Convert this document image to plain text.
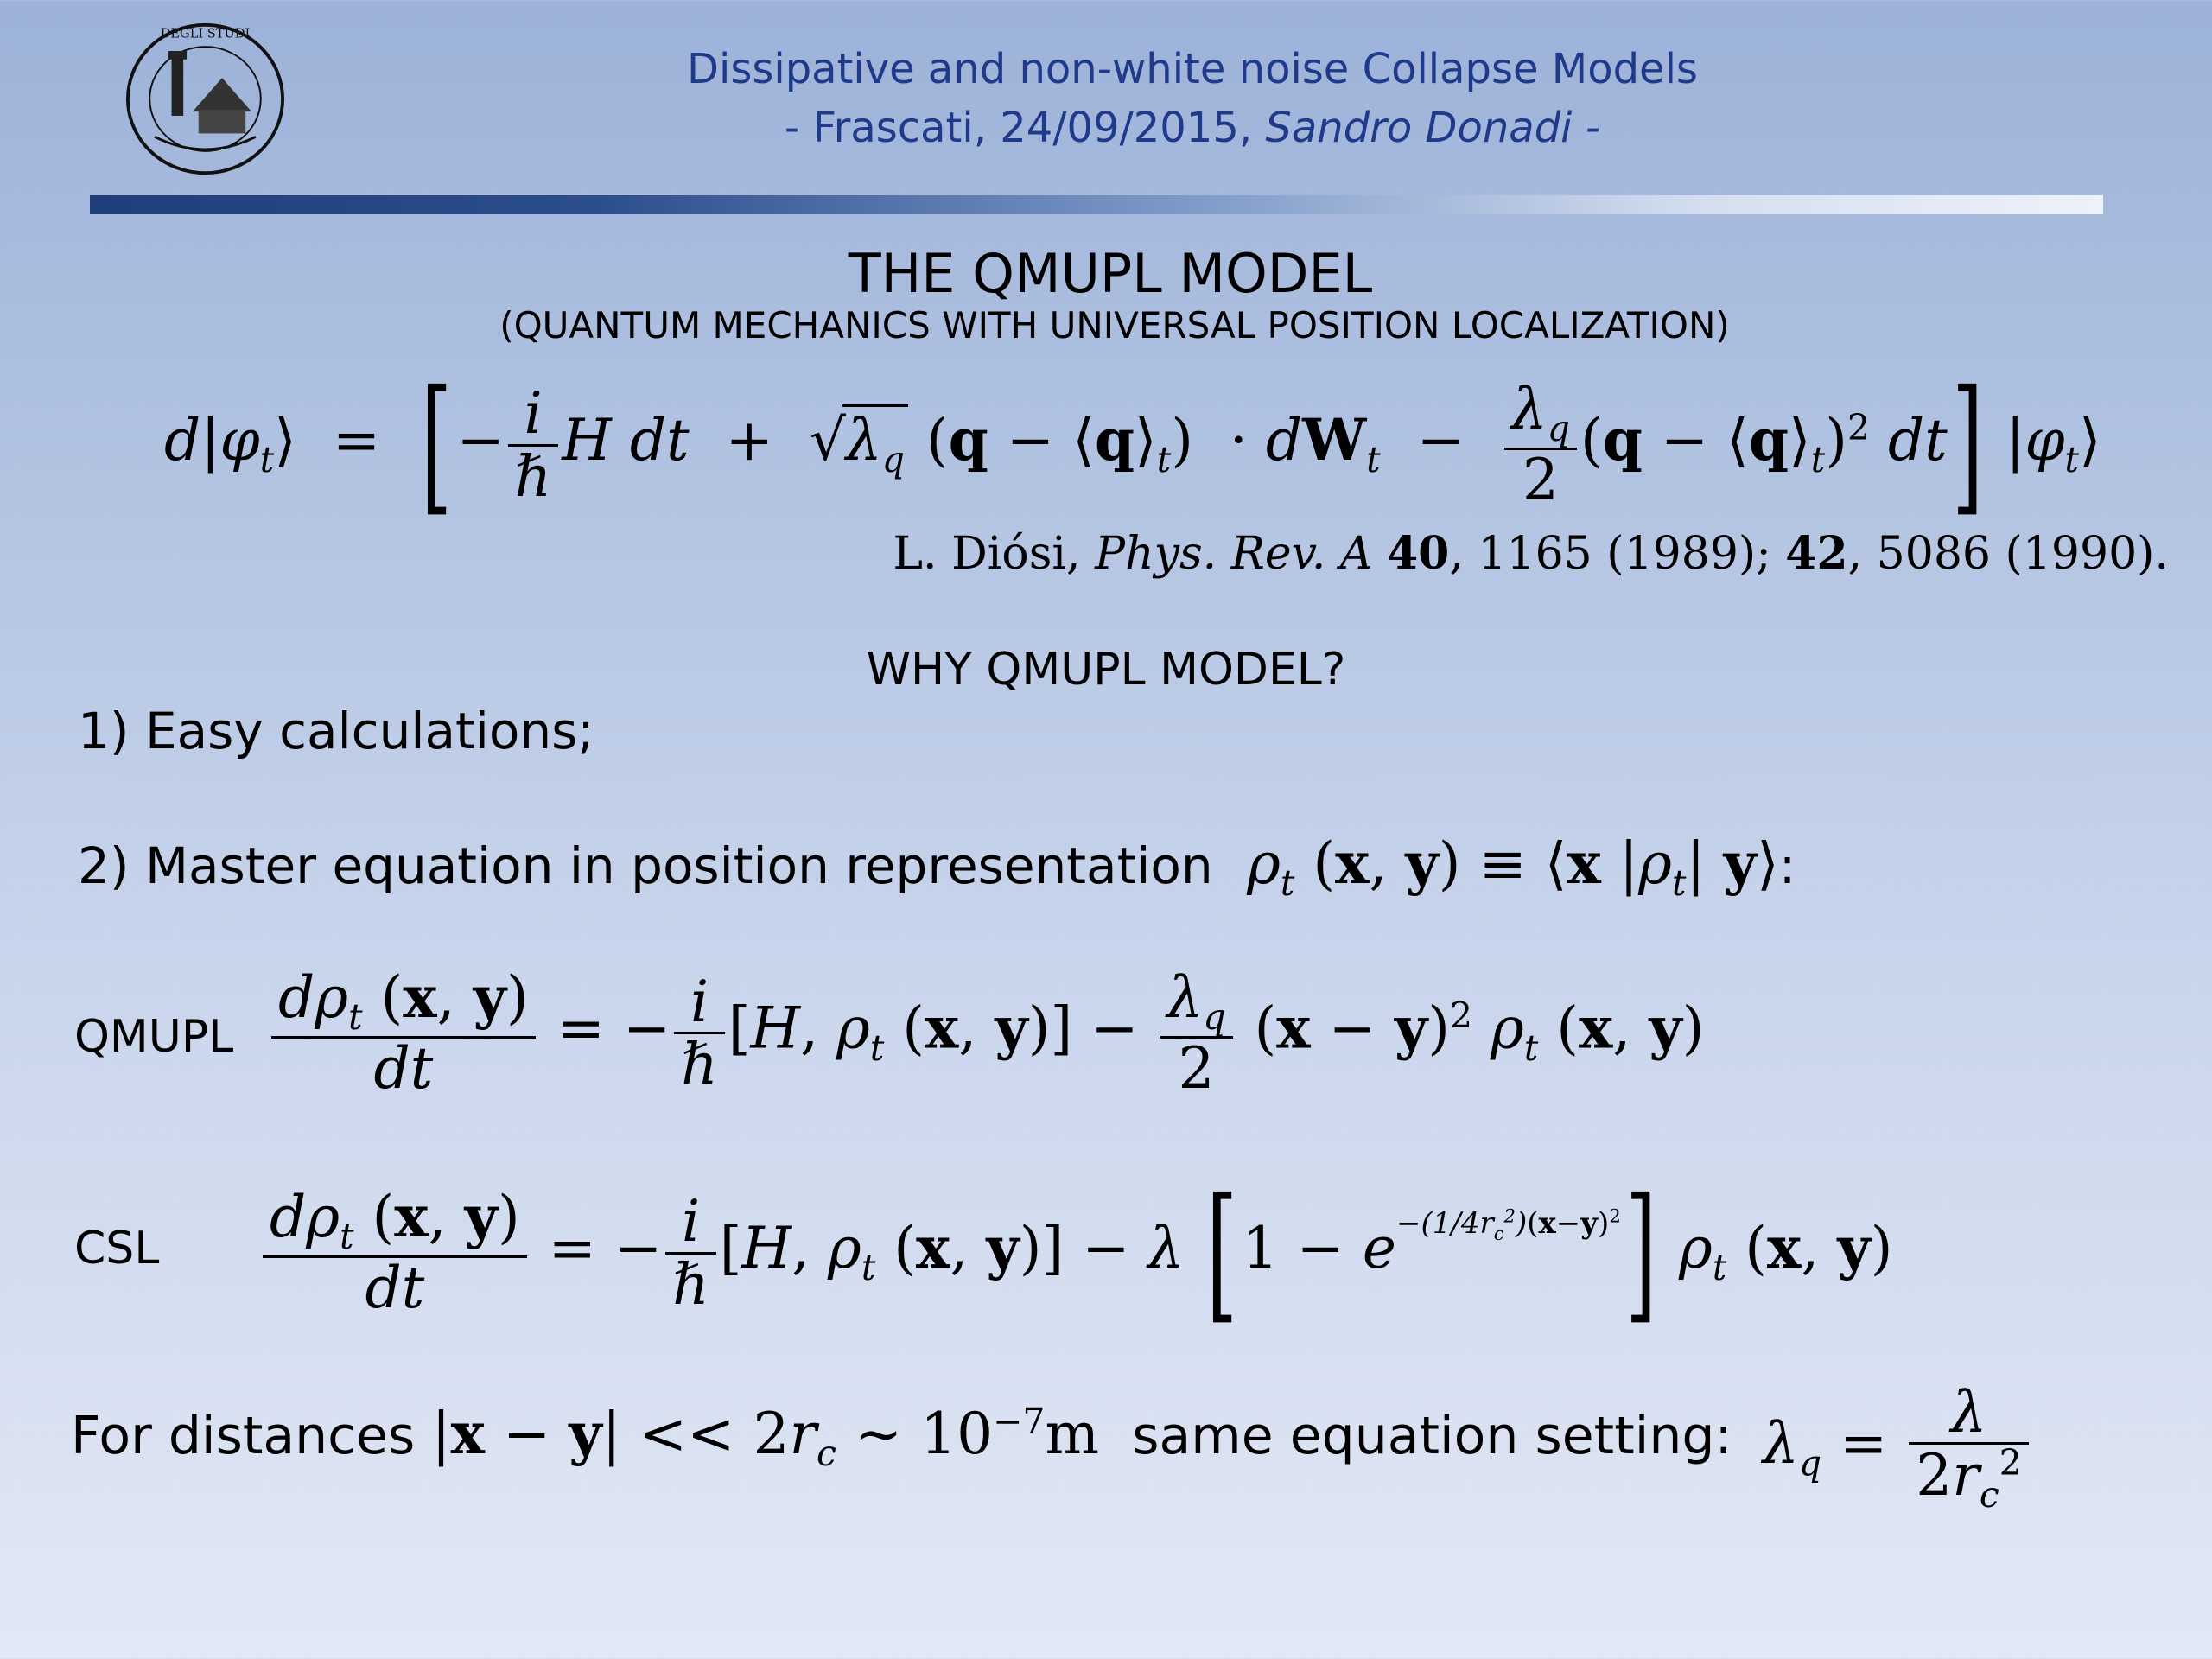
DEGLI STUDI
Dissipative and non-white noise Collapse Models
- Frascati, 24/09/2015, Sandro Donadi -
THE QMUPL MODEL
(QUANTUM MECHANICS WITH UNIVERSAL POSITION LOCALIZATION)
$d|\varphi_t⟩$  =  [− $\frac{i}{\text{ℏ}}$ H dt  +  $√\lambda_q$ $(q - ⟨q⟩_t) \cdot dW_t - \frac{\lambda_q}{2} (q$ − $⟨q⟩_t)^2$ dt] $|\varphi_t⟩$
L. Diósi, Phys. Rev. A 40, 1165 (1989); 42, 5086 (1990).
WHY QMUPL MODEL?
1) Easy calculations;
2) Master equation in position representation $\rho_t$ (x, y) ≡ ⟨x $|\rho_t|$ y⟩:
QMUPL $\frac{d\rho_t (x, y)}{dt}$ = − $\frac{i}{\text{ℏ}} [H$, $\rho_t$ (x, $y)] - \frac{\lambda_q}{2} (x - y)^2$ $\rho_t$ (x, y)
CSL $\frac{d\rho_t (x, y)}{dt}$ = − $\frac{i}{\text{ℏ}} [H$, $\rho_t$ (x, y)] − λ $[1 - e^{-(1/4r_c^2)(x-y)^2}]$ $\rho_t$ (x, y)
For distances $|x - y| << 2r_c$ ∼ $10^{-7}m$ same equation setting: $\lambda_q = \frac{\lambda}{2r_c^2}$
